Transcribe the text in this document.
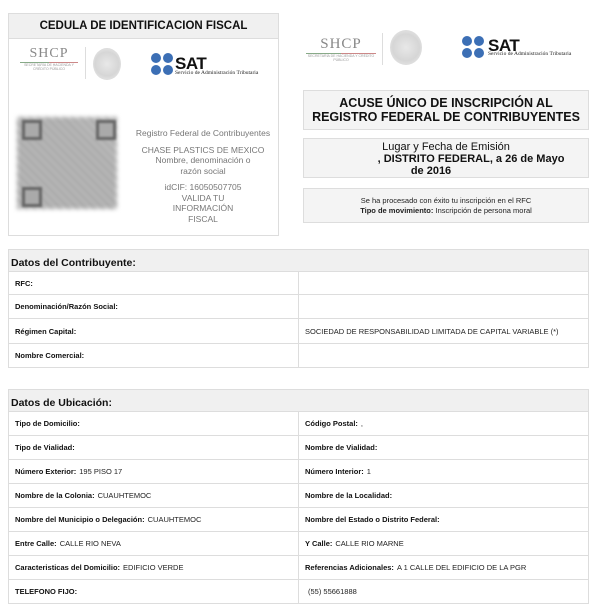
CEDULA DE IDENTIFICACION FISCAL
SHCP
SECRETARÍA DE HACIENDA Y CRÉDITO PÚBLICO	SAT
Servicio de Administración Tributaria
Registro Federal de Contribuyentes
CHASE PLASTICS DE MEXICO
Nombre, denominación o razón social
idCIF: 16050507705
VALIDA TU INFORMACIÓN FISCAL
SHCP
SECRETARÍA DE HACIENDA Y CRÉDITO PÚBLICO
SAT
Servicio de Administración Tributaria
ACUSE ÚNICO DE INSCRIPCIÓN AL
REGISTRO FEDERAL DE CONTRIBUYENTES
Lugar y Fecha de Emisión
, DISTRITO FEDERAL, a 26 de Mayo
de 2016
Se ha procesado con éxito tu inscripción en el RFC
Tipo de movimiento: Inscripción de persona moral
Datos del Contribuyente:
RFC:
Denominación/Razón Social:
Régimen Capital:	SOCIEDAD DE RESPONSABILIDAD LIMITADA DE CAPITAL VARIABLE (*)
Nombre Comercial:
Datos de Ubicación:
Tipo de Domicilio:	Código Postal: ,
Tipo de Vialidad:	Nombre de Vialidad:
Número Exterior: 195 PISO 17	Número Interior: 1
Nombre de la Colonia: CUAUHTEMOC	Nombre de la Localidad:
Nombre del Municipio o Delegación: CUAUHTEMOC	Nombre del Estado o Distrito Federal:
Entre Calle: CALLE RIO NEVA	Y Calle: CALLE RIO MARNE
Caracteristicas del Domicilio: EDIFICIO VERDE	Referencias Adicionales: A 1 CALLE DEL EDIFICIO DE LA PGR
TELEFONO FIJO:	(55) 55661888
